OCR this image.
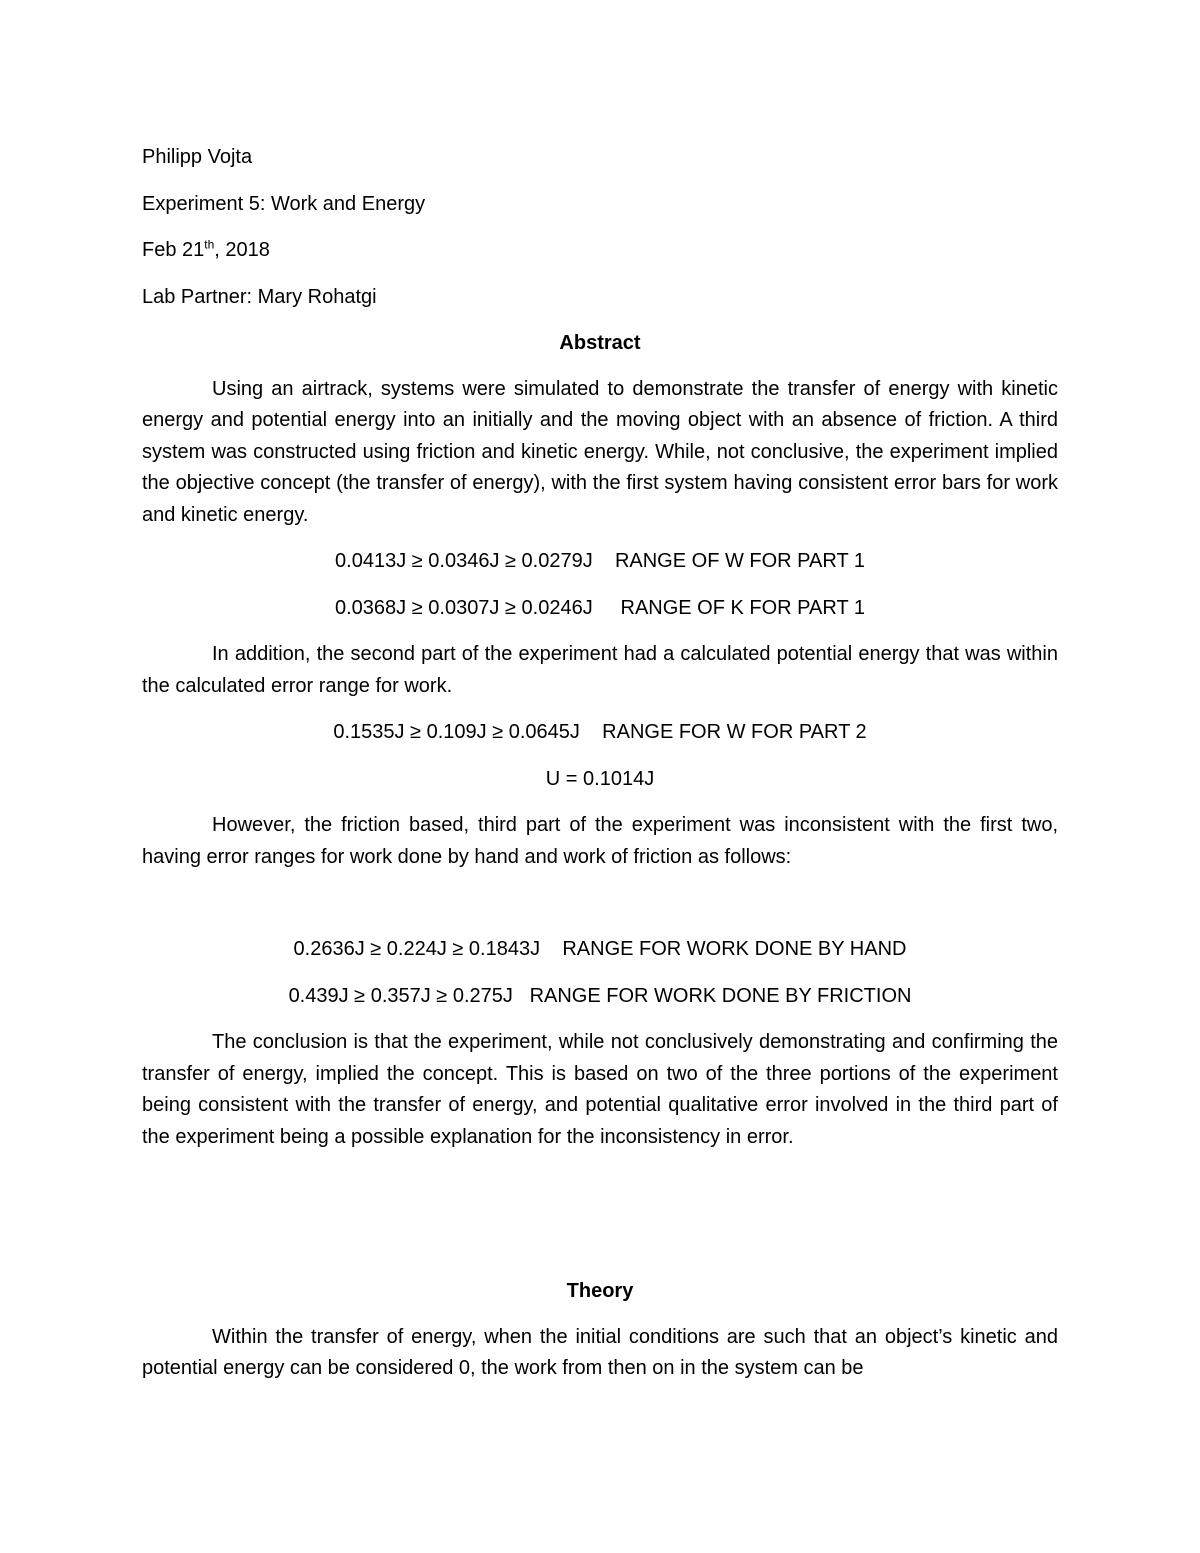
Philipp Vojta
Experiment 5: Work and Energy
Feb 21th, 2018
Lab Partner: Mary Rohatgi
Abstract

Using an airtrack, systems were simulated to demonstrate the transfer of energy with kinetic energy and potential energy into an initially and the moving object with an absence of friction. A third system was constructed using friction and kinetic energy. While, not conclusive, the experiment implied the objective concept (the transfer of energy), with the first system having consistent error bars for work and kinetic energy.

0.0413J ≥ 0.0346J ≥ 0.0279J RANGE OF W FOR PART 1
0.0368J ≥ 0.0307J ≥ 0.0246J RANGE OF K FOR PART 1

In addition, the second part of the experiment had a calculated potential energy that was within the calculated error range for work.

0.1535J ≥ 0.109J ≥ 0.0645J RANGE FOR W FOR PART 2
U = 0.1014J

However, the friction based, third part of the experiment was inconsistent with the first two, having error ranges for work done by hand and work of friction as follows:

0.2636J ≥ 0.224J ≥ 0.1843J RANGE FOR WORK DONE BY HAND
0.439J ≥ 0.357J ≥ 0.275J RANGE FOR WORK DONE BY FRICTION

The conclusion is that the experiment, while not conclusively demonstrating and confirming the transfer of energy, implied the concept. This is based on two of the three portions of the experiment being consistent with the transfer of energy, and potential qualitative error involved in the third part of the experiment being a possible explanation for the inconsistency in error.

Theory

Within the transfer of energy, when the initial conditions are such that an object’s kinetic and potential energy can be considered 0, the work from then on in the system can be
